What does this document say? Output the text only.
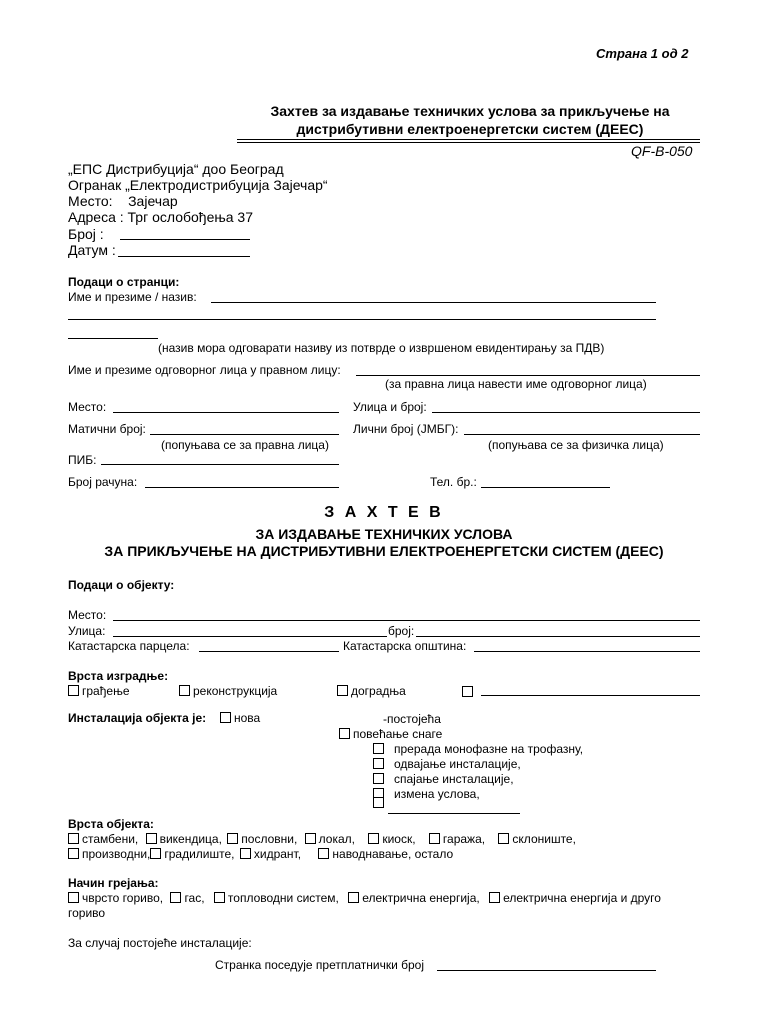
Страна 1 од 2
Захтев за издавање техничких услова за прикључење на
дистрибутивни електроенергетски систем (ДЕЕС)
QF-B-050
„ЕПС Дистрибуција“ доо Београд
Огранак „Електродистрибуција Зајечар“
Место:    Зајечар
Адреса : Трг ослобођења 37
Број :
Датум :
Подаци о странци:
Име и презиме / назив:
(назив мора одговарати називу из потврде о извршеном евидентирању за ПДВ)
Име и презиме одговорног лица у правном лицу:
(за правна лица навести име одговорног лица)
Место:	Улица и број:
Матични број:
(попуњава се за правна лица)
Лични број (ЈМБГ):
(попуњава се за физичка лица)
ПИБ:
Број рачуна:	Тел. бр.:
З А Х Т Е В
ЗА ИЗДАВАЊЕ ТЕХНИЧКИХ УСЛОВА
ЗА ПРИКЉУЧЕЊЕ НА ДИСТРИБУТИВНИ ЕЛЕКТРОЕНЕРГЕТСКИ СИСТЕМ (ДЕЕС)
Подаци о објекту:
Место:
Улица:	број:
Катастарска парцела:	Катастарска општина:
Врста изградње:
грађење	реконструкција	доградња
Инсталација објекта је:	нова	-постојећа
повећање снаге
прерада монофазне на трофазну,
одвајање инсталације,
спајање инсталације,
измена услова,
Врста објекта:
стамбени, викендица, пословни, локал, киоск, гаража, склониште,
производни, градилиште, хидрант,	наводнавање, остало
Начин грејања:
чврсто гориво, гас, топловодни систем, електрична енергија, електрична енергија и друго
гориво
За случај постојеће инсталације:
Странка поседује претплатнички број
